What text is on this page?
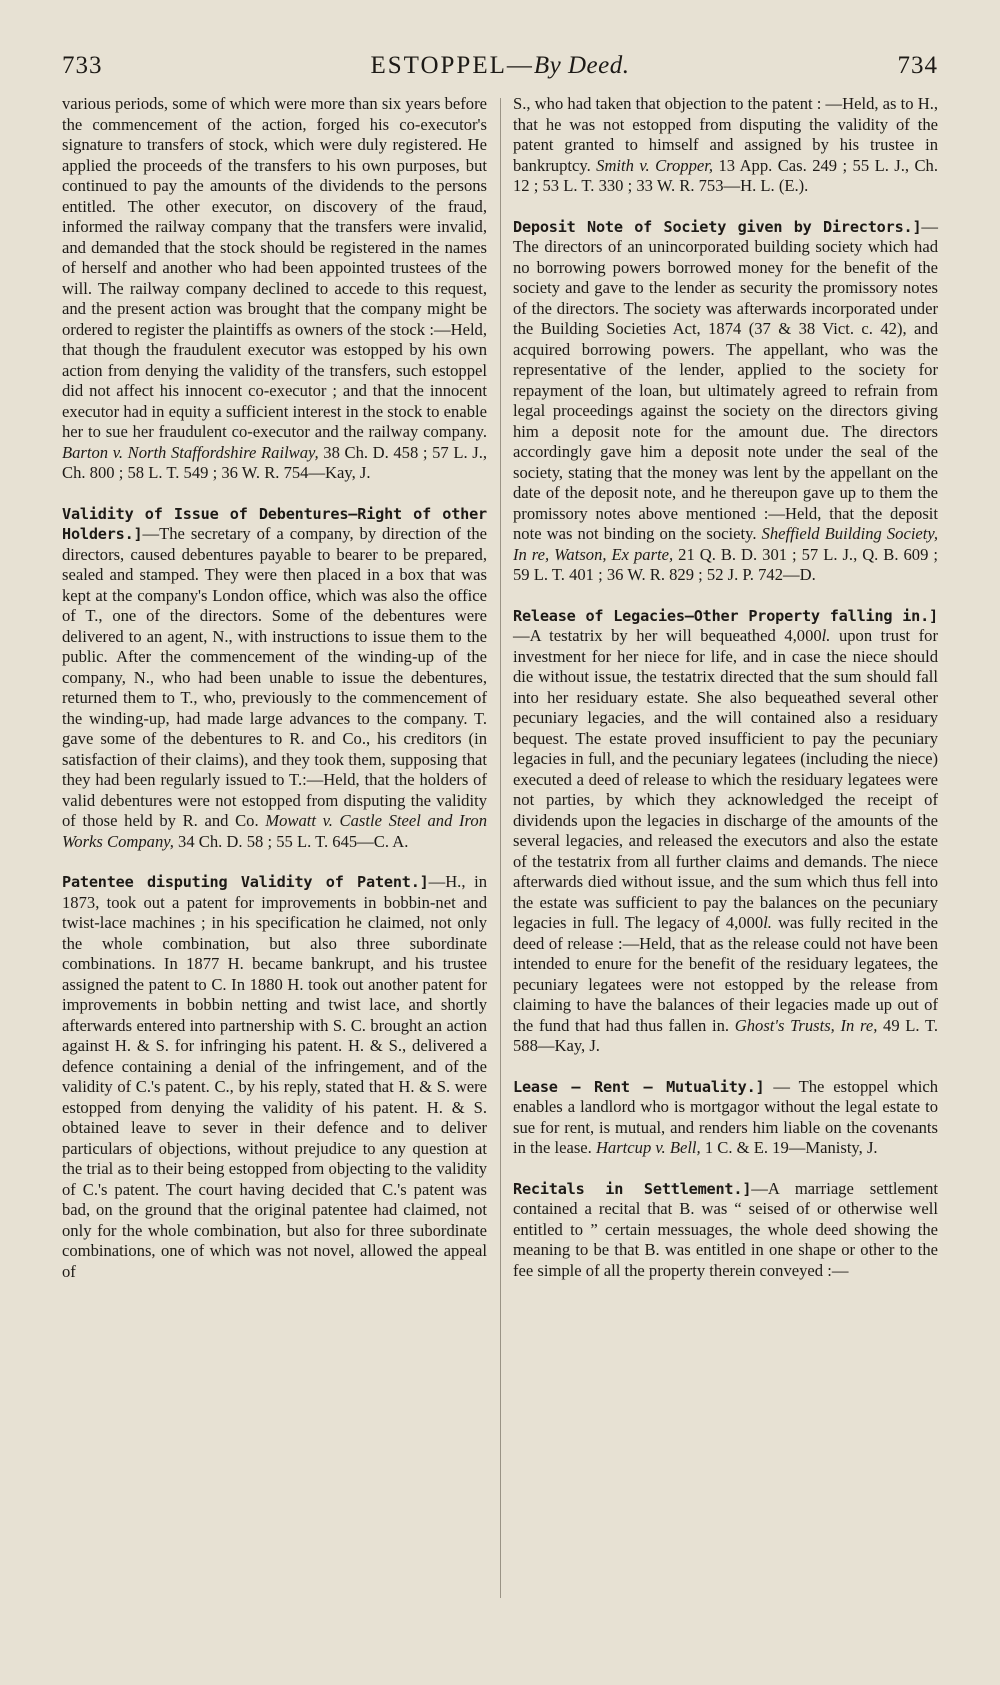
733	ESTOPPEL—By Deed.	734

various periods, some of which were more than six years before the commencement of the action, forged his co-executor's signature to transfers of stock, which were duly registered. He applied the proceeds of the transfers to his own purposes, but continued to pay the amounts of the dividends to the persons entitled. The other executor, on discovery of the fraud, informed the railway company that the transfers were invalid, and demanded that the stock should be registered in the names of herself and another who had been appointed trustees of the will. The railway company declined to accede to this request, and the present action was brought that the company might be ordered to register the plaintiffs as owners of the stock :—Held, that though the fraudulent executor was estopped by his own action from denying the validity of the transfers, such estoppel did not affect his innocent co-executor ; and that the innocent executor had in equity a sufficient interest in the stock to enable her to sue her fraudulent co-executor and the railway company. Barton v. North Staffordshire Railway, 38 Ch. D. 458 ; 57 L. J., Ch. 800 ; 58 L. T. 549 ; 36 W. R. 754—Kay, J.

Validity of Issue of Debentures—Right of other Holders.]—The secretary of a company, by direction of the directors, caused debentures payable to bearer to be prepared, sealed and stamped. They were then placed in a box that was kept at the company's London office, which was also the office of T., one of the directors. Some of the debentures were delivered to an agent, N., with instructions to issue them to the public. After the commencement of the winding-up of the company, N., who had been unable to issue the debentures, returned them to T., who, previously to the commencement of the winding-up, had made large advances to the company. T. gave some of the debentures to R. and Co., his creditors (in satisfaction of their claims), and they took them, supposing that they had been regularly issued to T.:—Held, that the holders of valid debentures were not estopped from disputing the validity of those held by R. and Co. Mowatt v. Castle Steel and Iron Works Company, 34 Ch. D. 58 ; 55 L. T. 645—C. A.

Patentee disputing Validity of Patent.]—H., in 1873, took out a patent for improvements in bobbin-net and twist-lace machines ; in his specification he claimed, not only the whole combination, but also three subordinate combinations. In 1877 H. became bankrupt, and his trustee assigned the patent to C. In 1880 H. took out another patent for improvements in bobbin netting and twist lace, and shortly afterwards entered into partnership with S. C. brought an action against H. & S. for infringing his patent. H. & S., delivered a defence containing a denial of the infringement, and of the validity of C.'s patent. C., by his reply, stated that H. & S. were estopped from denying the validity of his patent. H. & S. obtained leave to sever in their defence and to deliver particulars of objections, without prejudice to any question at the trial as to their being estopped from objecting to the validity of C.'s patent. The court having decided that C.'s patent was bad, on the ground that the original patentee had claimed, not only for the whole combination, but also for three subordinate combinations, one of which was not novel, allowed the appeal of

S., who had taken that objection to the patent : —Held, as to H., that he was not estopped from disputing the validity of the patent granted to himself and assigned by his trustee in bankruptcy. Smith v. Cropper, 13 App. Cas. 249 ; 55 L. J., Ch. 12 ; 53 L. T. 330 ; 33 W. R. 753—H. L. (E.).

Deposit Note of Society given by Directors.]—The directors of an unincorporated building society which had no borrowing powers borrowed money for the benefit of the society and gave to the lender as security the promissory notes of the directors. The society was afterwards incorporated under the Building Societies Act, 1874 (37 & 38 Vict. c. 42), and acquired borrowing powers. The appellant, who was the representative of the lender, applied to the society for repayment of the loan, but ultimately agreed to refrain from legal proceedings against the society on the directors giving him a deposit note for the amount due. The directors accordingly gave him a deposit note under the seal of the society, stating that the money was lent by the appellant on the date of the deposit note, and he thereupon gave up to them the promissory notes above mentioned :—Held, that the deposit note was not binding on the society. Sheffield Building Society, In re, Watson, Ex parte, 21 Q. B. D. 301 ; 57 L. J., Q. B. 609 ; 59 L. T. 401 ; 36 W. R. 829 ; 52 J. P. 742—D.

Release of Legacies—Other Property falling in.]—A testatrix by her will bequeathed 4,000l. upon trust for investment for her niece for life, and in case the niece should die without issue, the testatrix directed that the sum should fall into her residuary estate. She also bequeathed several other pecuniary legacies, and the will contained also a residuary bequest. The estate proved insufficient to pay the pecuniary legacies in full, and the pecuniary legatees (including the niece) executed a deed of release to which the residuary legatees were not parties, by which they acknowledged the receipt of dividends upon the legacies in discharge of the amounts of the several legacies, and released the executors and also the estate of the testatrix from all further claims and demands. The niece afterwards died without issue, and the sum which thus fell into the estate was sufficient to pay the balances on the pecuniary legacies in full. The legacy of 4,000l. was fully recited in the deed of release :—Held, that as the release could not have been intended to enure for the benefit of the residuary legatees, the pecuniary legatees were not estopped by the release from claiming to have the balances of their legacies made up out of the fund that had thus fallen in. Ghost's Trusts, In re, 49 L. T. 588—Kay, J.

Lease — Rent — Mutuality.] — The estoppel which enables a landlord who is mortgagor without the legal estate to sue for rent, is mutual, and renders him liable on the covenants in the lease. Hartcup v. Bell, 1 C. & E. 19—Manisty, J.

Recitals in Settlement.]—A marriage settlement contained a recital that B. was “ seised of or otherwise well entitled to ” certain messuages, the whole deed showing the meaning to be that B. was entitled in one shape or other to the fee simple of all the property therein conveyed :—
